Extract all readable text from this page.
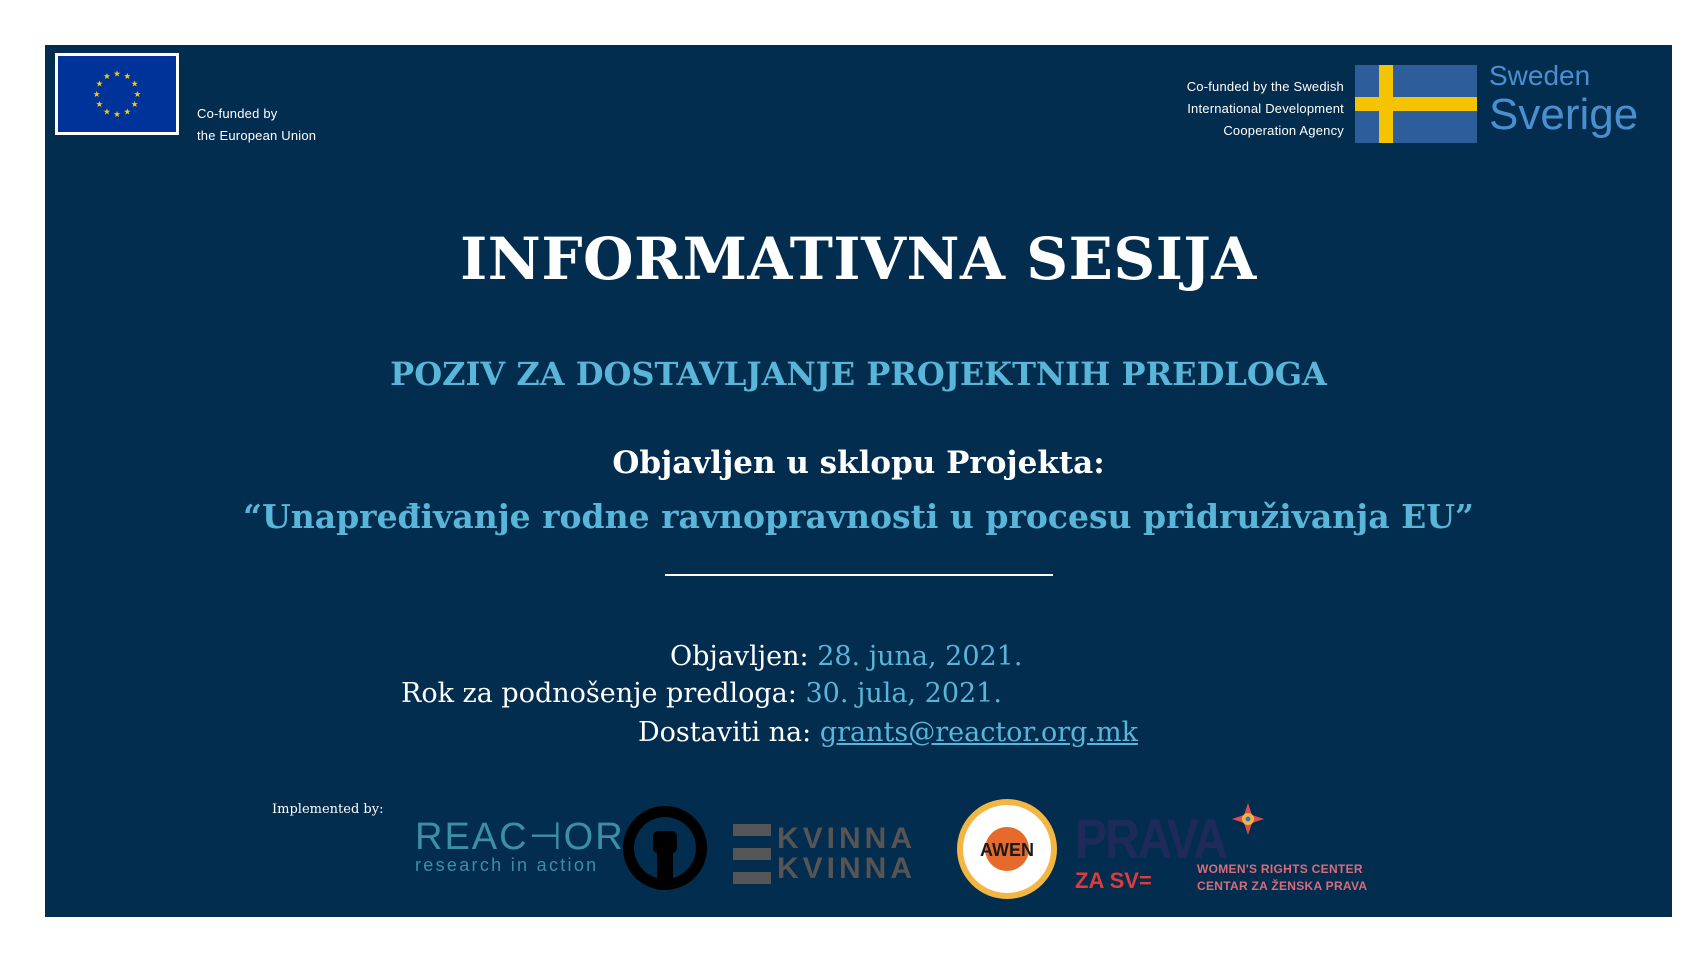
★ ★
★
★
★
★
★
★
★
★
★
★
Co-funded by
the European Union
Co-funded by the Swedish
International Development
Cooperation Agency
Sweden
Sverige
INFORMATIVNA SESIJA
POZIV ZA DOSTAVLJANJE PROJEKTNIH PREDLOGA
Objavljen u sklopu Projekta:
“Unapređivanje rodne ravnopravnosti u procesu pridruživanja EU”
Objavljen: 28. juna, 2021.
Rok za podnošenje predloga: 30. jula, 2021.
Dostaviti na: grants@reactor.org.mk
Implemented by:
REAC⊣OR
research in action
KVINNA
KVINNA
AWEN PRAVA
ZA SV=	WOMEN'S RIGHTS CENTER
CENTAR ZA ŽENSKA PRAVA
